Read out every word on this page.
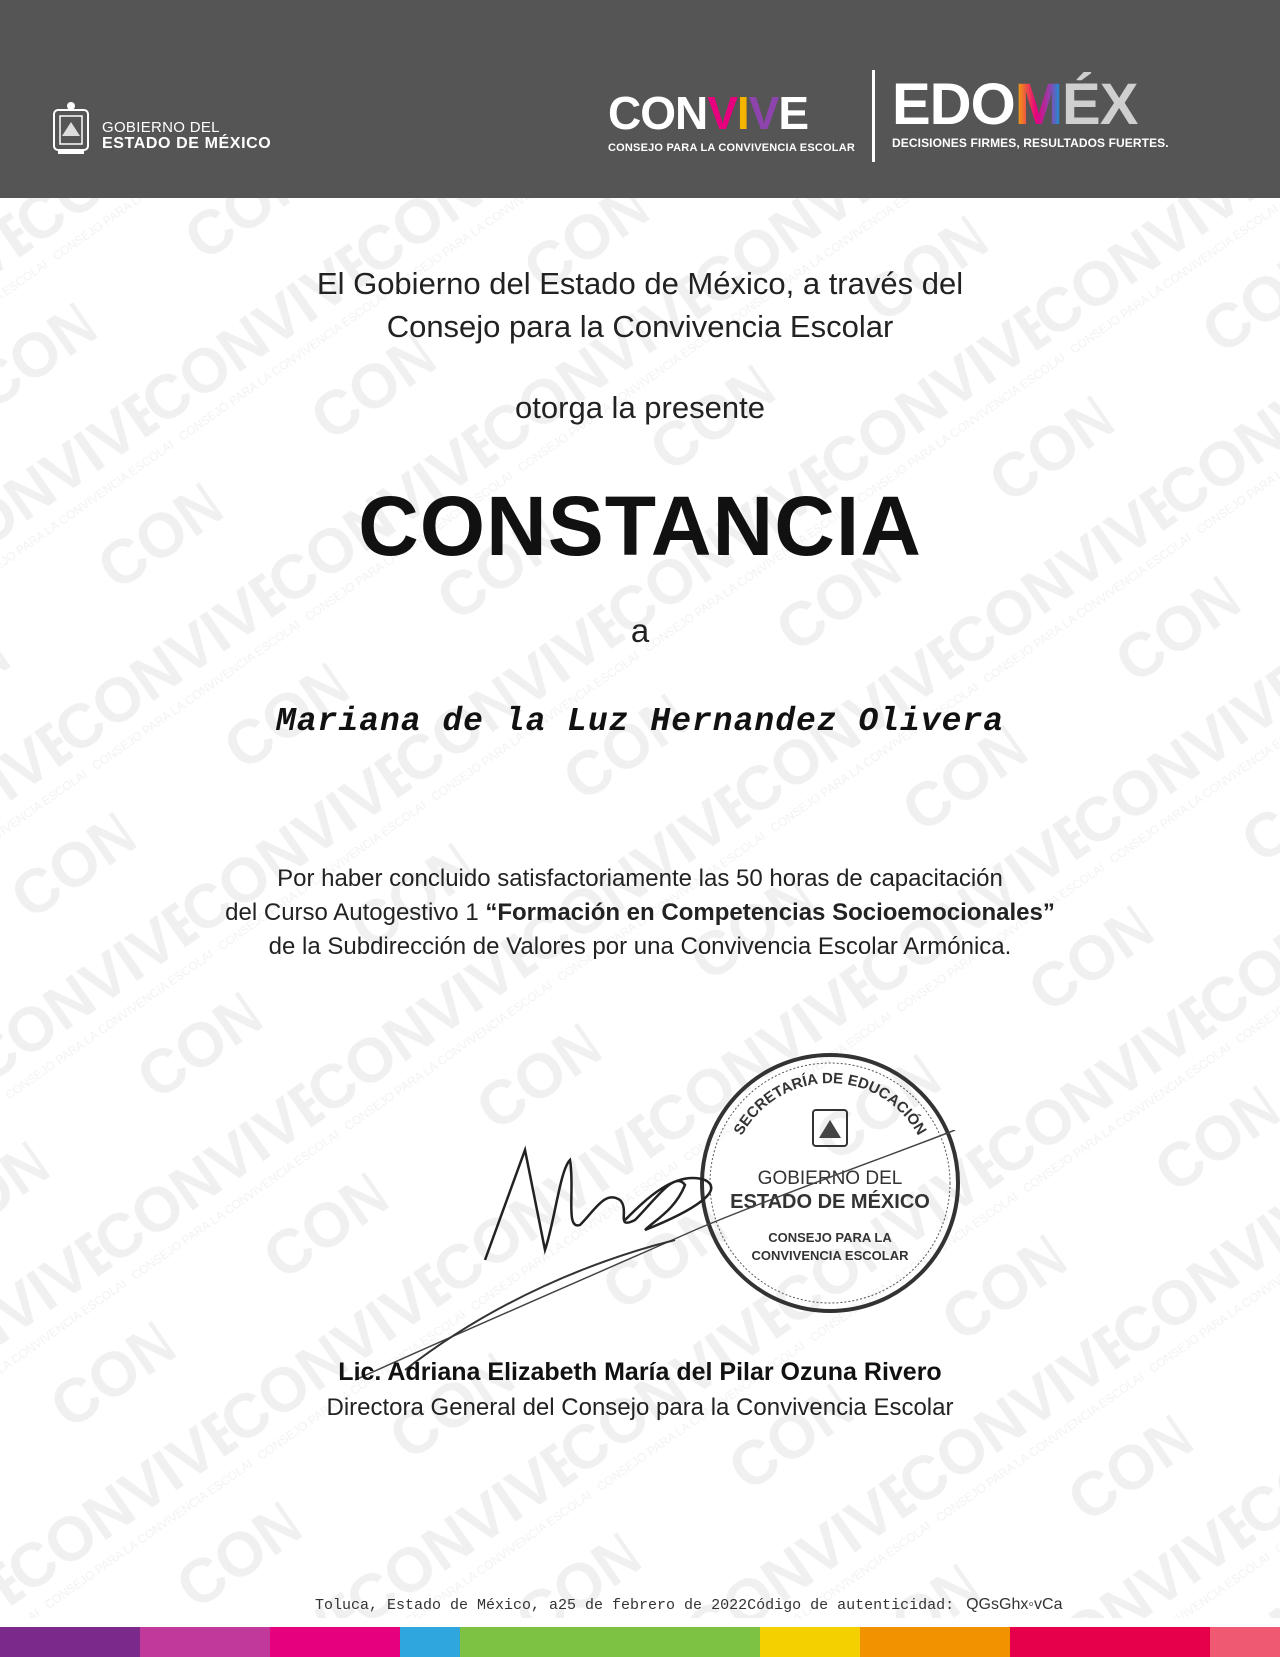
GOBIERNO DEL
ESTADO DE MÉXICO
CONVIVE
CONSEJO PARA LA CONVIVENCIA ESCOLAR
EDOMÉX
DECISIONES FIRMES, RESULTADOS FUERTES.
El Gobierno del Estado de México, a través del
Consejo para la Convivencia Escolar
otorga la presente
CONSTANCIA
a
Mariana de la Luz Hernandez Olivera
Por haber concluido satisfactoriamente las 50 horas de capacitación
del Curso Autogestivo 1 “Formación en Competencias Socioemocionales”
de la Subdirección de Valores por una Convivencia Escolar Armónica.
SECRETARÍA DE EDUCACIÓN
GOBIERNO DEL
ESTADO DE MÉXICO
CONSEJO PARA LA
CONVIVENCIA ESCOLAR
Lic. Adriana Elizabeth María del Pilar Ozuna Rivero
Directora General del Consejo para la Convivencia Escolar
Toluca, Estado de México, a25 de febrero de 2022Código de autenticidad: QGsGhx◦vCa
